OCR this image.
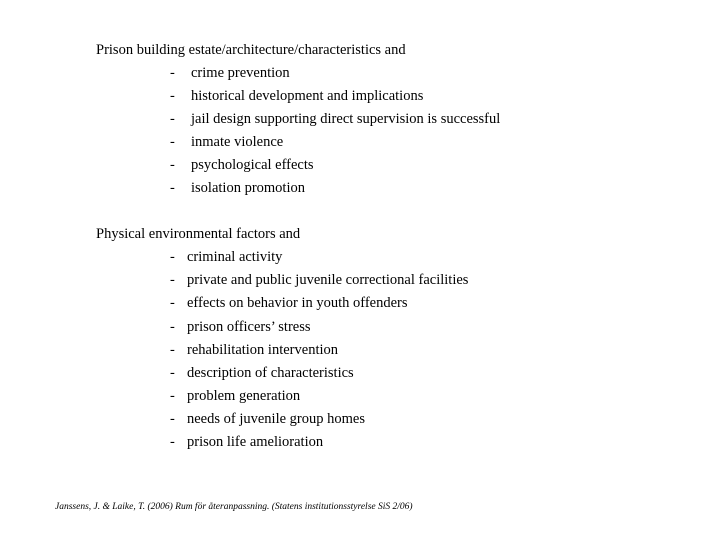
Prison building estate/architecture/characteristics and
- crime prevention
- historical development and implications
- jail design supporting direct supervision is successful
- inmate violence
- psychological effects
- isolation promotion
Physical environmental factors and
- criminal activity
- private and public juvenile correctional facilities
- effects on behavior in youth offenders
- prison officers’ stress
- rehabilitation intervention
- description of characteristics
- problem generation
- needs of juvenile group homes
- prison life amelioration
Janssens, J. & Laike, T. (2006) Rum för återanpassning. (Statens institutionsstyrelse SiS 2/06)
